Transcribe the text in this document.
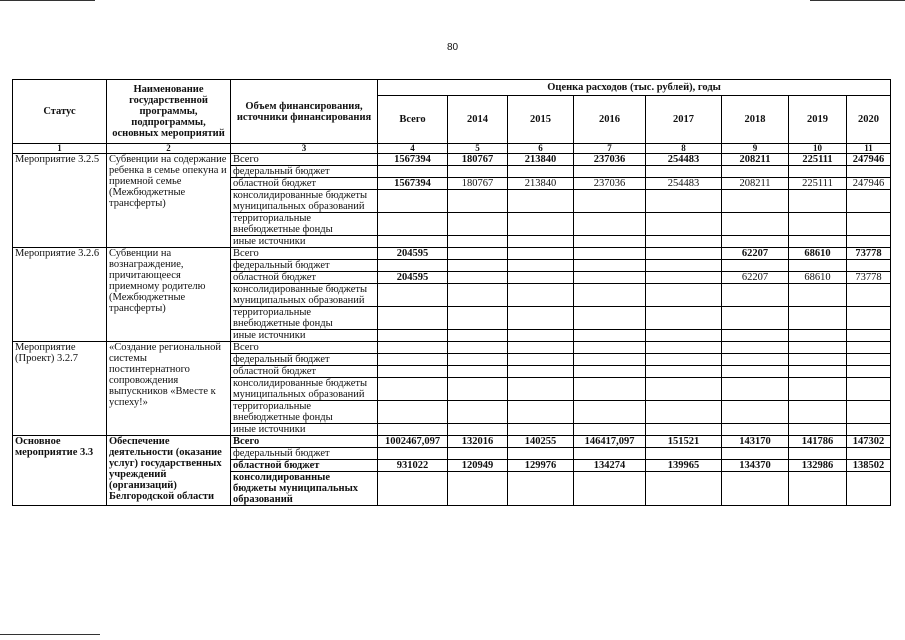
80
Статус	Наименование государственной программы, подпрограммы, основных мероприятий	Объем финансирования, источники финансирования	Оценка расходов (тыс. рублей), годы							
			Всего	2014	2015	2016	2017	2018	2019	2020
1	2	3	4	5	6	7	8	9	10	11
Мероприятие 3.2.5	Субвенции на содержание ребенка в семье опекуна и приемной семье (Межбюджетные трансферты)	Всего	1567394	180767	213840	237036	254483	208211	225111	247946
		федеральный бюджет								
		областной бюджет	1567394	180767	213840	237036	254483	208211	225111	247946
		консолидированные бюджеты муниципальных образований								
		территориальные внебюджетные фонды								
		иные источники								
Мероприятие 3.2.6	Субвенции на вознаграждение, причитающееся приемному родителю (Межбюджетные трансферты)	Всего	204595					62207	68610	73778
		федеральный бюджет								
		областной бюджет	204595					62207	68610	73778
		консолидированные бюджеты муниципальных образований								
		территориальные внебюджетные фонды								
		иные источники								
Мероприятие (Проект) 3.2.7	«Создание региональной системы постинтернатного сопровождения выпускников «Вместе к успеху!»	Всего								
		федеральный бюджет								
		областной бюджет								
		консолидированные бюджеты муниципальных образований								
		территориальные внебюджетные фонды								
		иные источники								
Основное мероприятие 3.3	Обеспечение деятельности (оказание услуг) государственных учреждений (организаций) Белгородской области	Всего	1002467,097	132016	140255	146417,097	151521	143170	141786	147302
		федеральный бюджет								
		областной бюджет	931022	120949	129976	134274	139965	134370	132986	138502
		консолидированные бюджеты муниципальных образований								
